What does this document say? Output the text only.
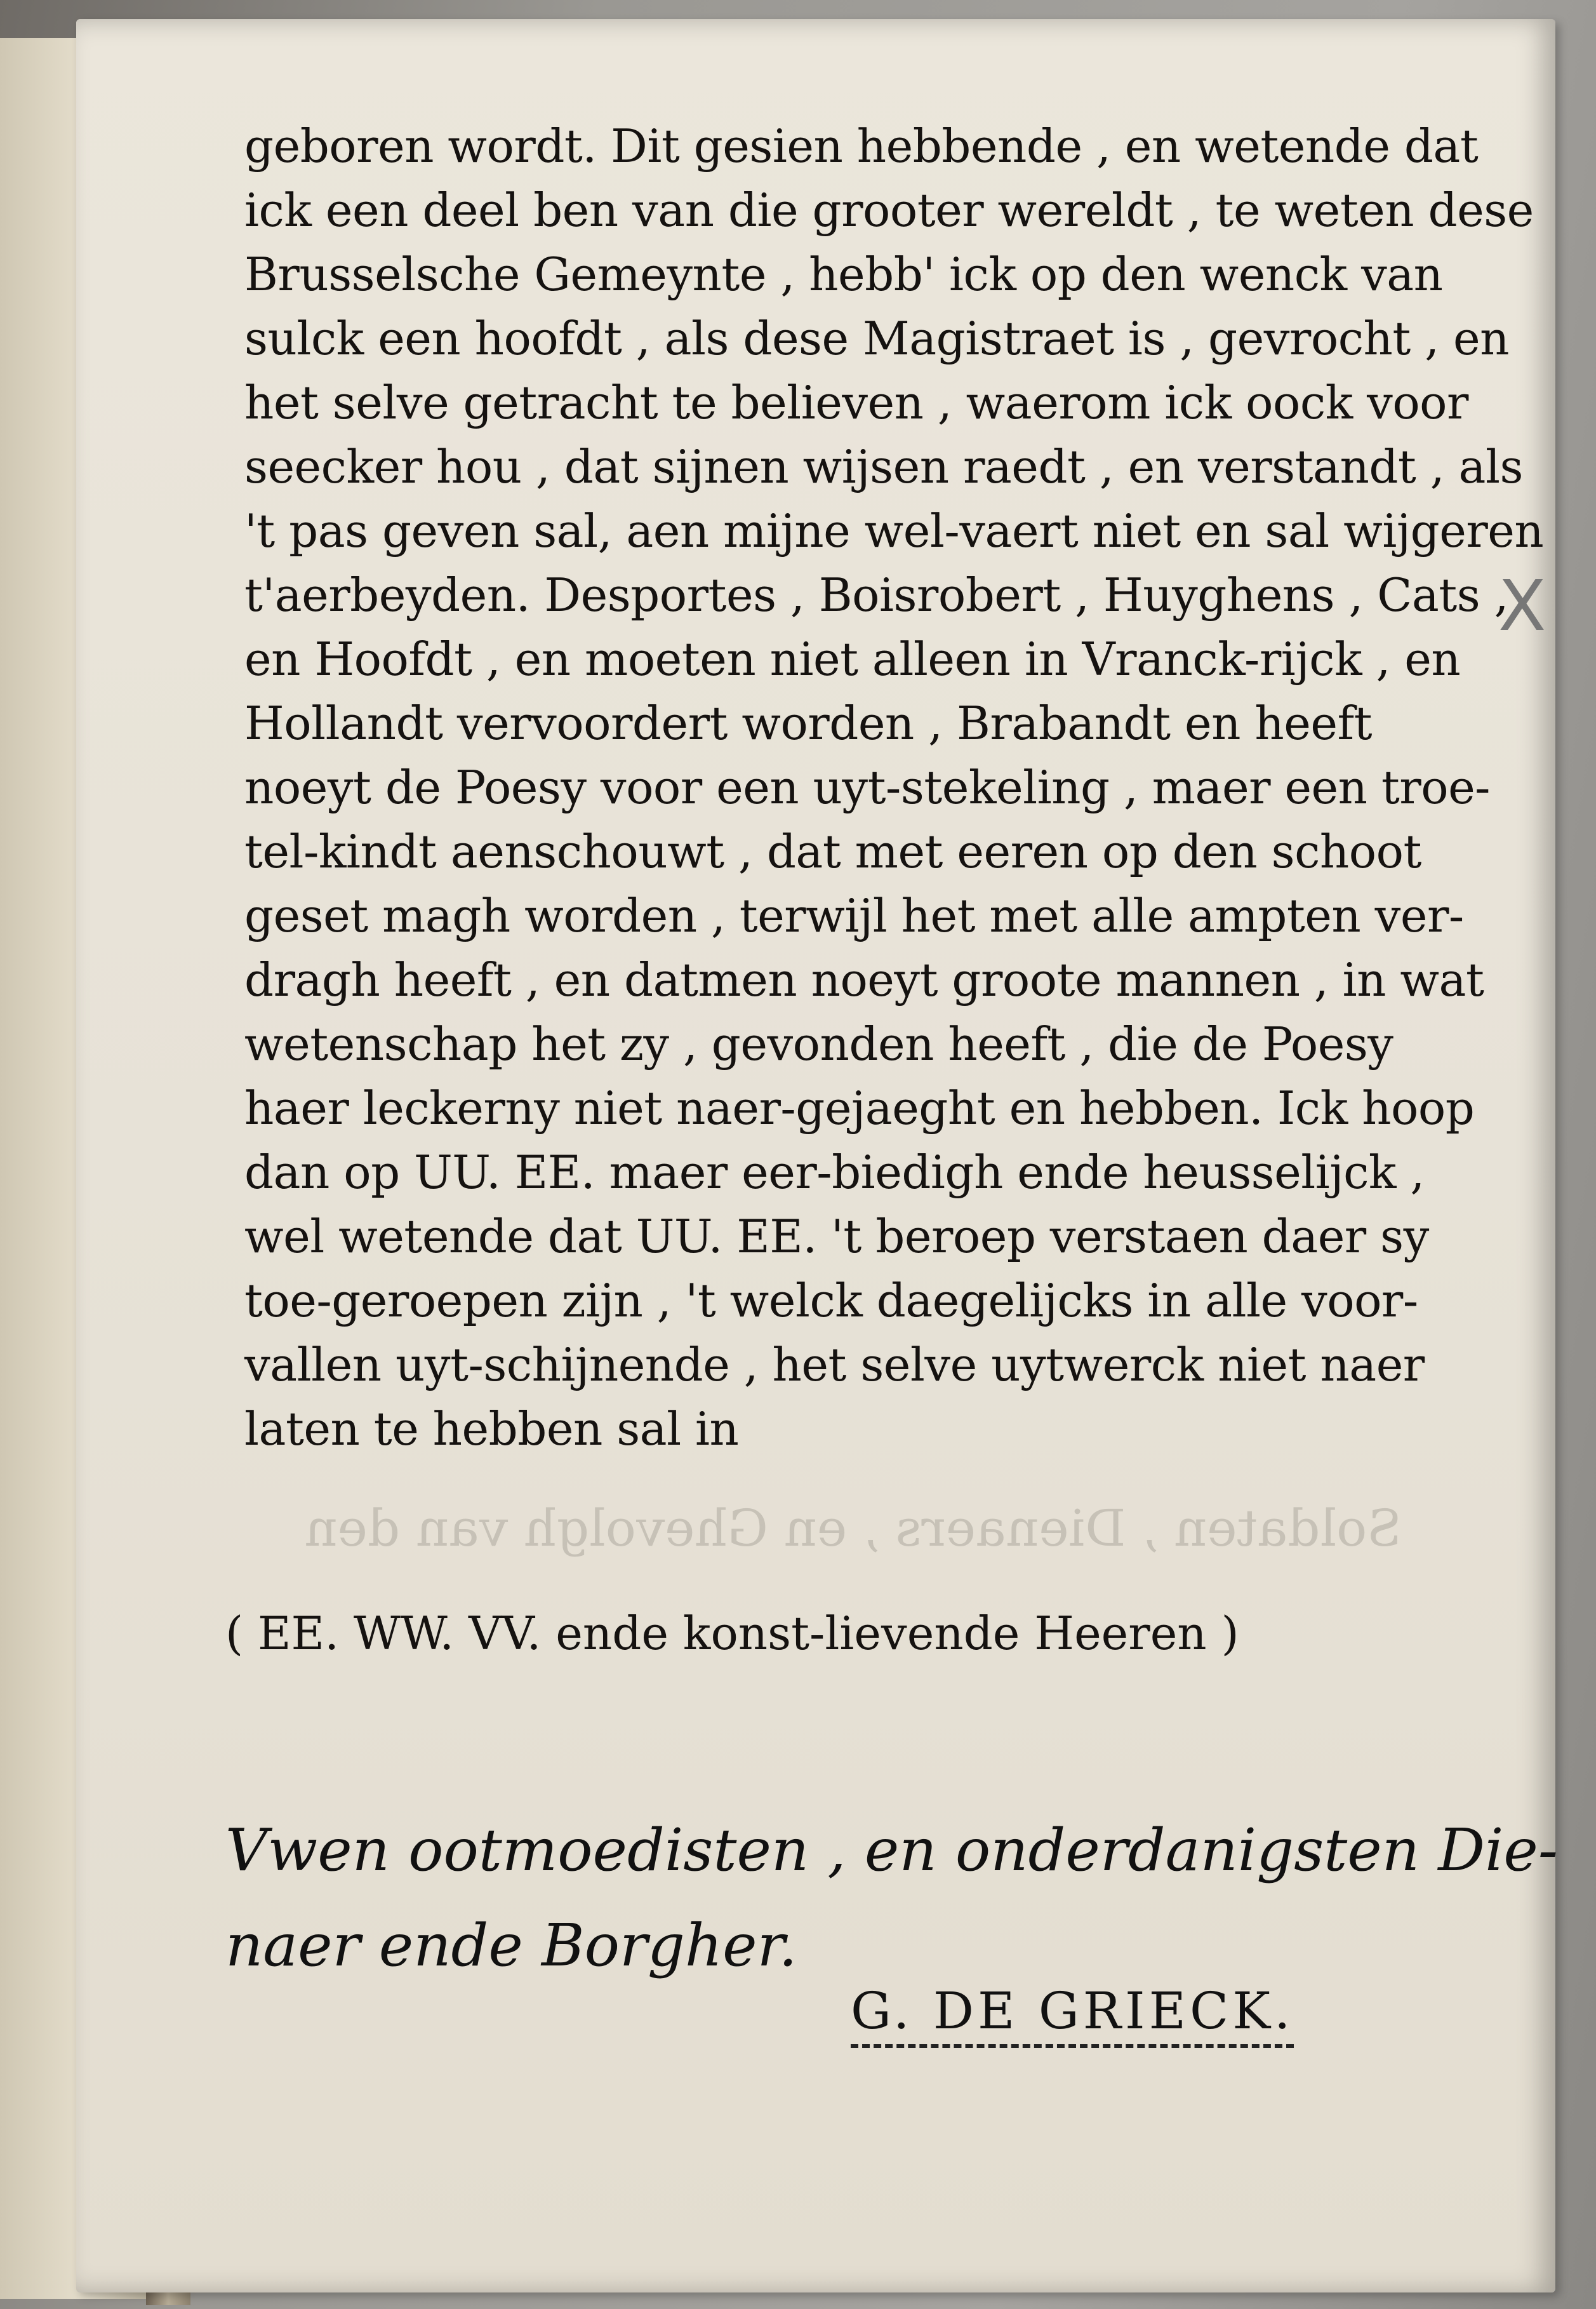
X
geboren wordt. Dit gesien hebbende , en wetende dat
ick een deel ben van die grooter wereldt , te weten dese
Brusselsche Gemeynte , hebb' ick op den wenck van
sulck een hoofdt , als dese Magistraet is , gevrocht , en
het selve getracht te believen , waerom ick oock voor
seecker hou , dat sijnen wijsen raedt , en verstandt , als
't pas geven sal, aen mijne wel-vaert niet en sal wijgeren
t'aerbeyden. Desportes , Boisrobert , Huyghens , Cats ,
en Hoofdt , en moeten niet alleen in Vranck-rijck , en
Hollandt vervoordert worden , Brabandt en heeft
noeyt de Poesy voor een uyt-stekeling , maer een troe-
tel-kindt aenschouwt , dat met eeren op den schoot
geset magh worden , terwijl het met alle ampten ver-
dragh heeft , en datmen noeyt groote mannen , in wat
wetenschap het zy , gevonden heeft , die de Poesy
haer leckerny niet naer-gejaeght en hebben. Ick hoop
dan op UU. EE. maer eer-biedigh ende heusselijck ,
wel wetende dat UU. EE. 't beroep verstaen daer sy
toe-geroepen zijn , 't welck daegelijcks in alle voor-
vallen uyt-schijnende , het selve uytwerck niet naer
laten te hebben sal in
Soldaten , Dienaers , en Ghevolgh van den
( EE. WW. VV. ende konst-lievende Heeren )
Vwen ootmoedisten , en onderdanigsten Die-
naer ende Borgher.
G. DE GRIECK.
